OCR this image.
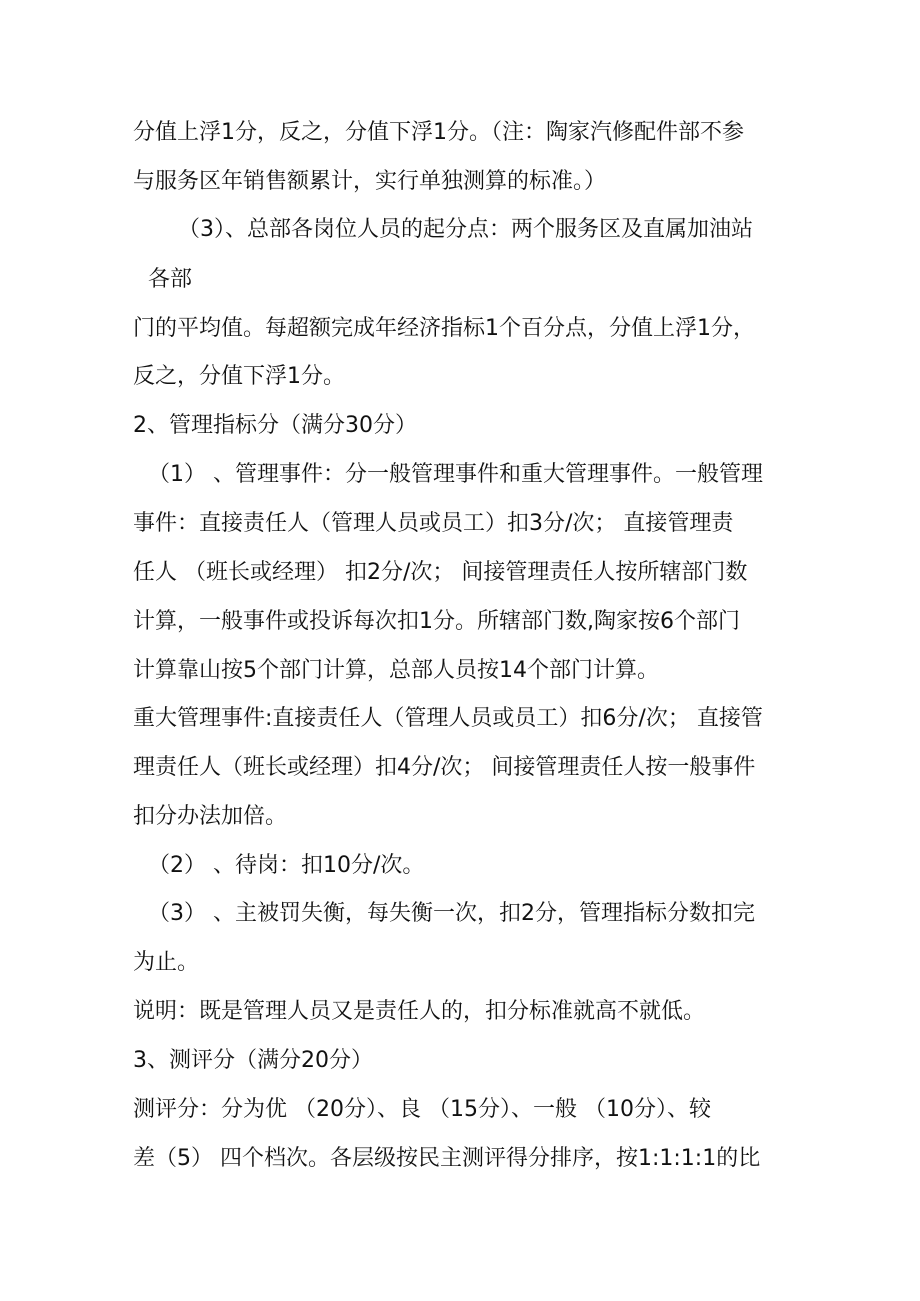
分值上浮1分，反之，分值下浮1分。（注：陶家汽修配件部不参
与服务区年销售额累计，实行单独测算的标准。）
（3）、总部各岗位人员的起分点：两个服务区及直属加油站
各部
门的平均值。每超额完成年经济指标1个百分点，分值上浮1分，
反之，分值下浮1分。
2、管理指标分（满分30分）
（1） 、管理事件：分一般管理事件和重大管理事件。一般管理
事件：直接责任人（管理人员或员工）扣3分/次； 直接管理责
任人 （班长或经理） 扣2分/次； 间接管理责任人按所辖部门数
计算，一般事件或投诉每次扣1分。所辖部门数,陶家按6个部门
计算靠山按5个部门计算，总部人员按14个部门计算。
重大管理事件:直接责任人（管理人员或员工）扣6分/次； 直接管
理责任人（班长或经理）扣4分/次； 间接管理责任人按一般事件
扣分办法加倍。
（2） 、待岗：扣10分/次。
（3） 、主被罚失衡，每失衡一次，扣2分，管理指标分数扣完
为止。
说明：既是管理人员又是责任人的，扣分标准就高不就低。
3、测评分（满分20分）
测评分：分为优 （20分）、良 （15分）、一般 （10分）、较
差（5） 四个档次。各层级按民主测评得分排序，按1:1:1:1的比
